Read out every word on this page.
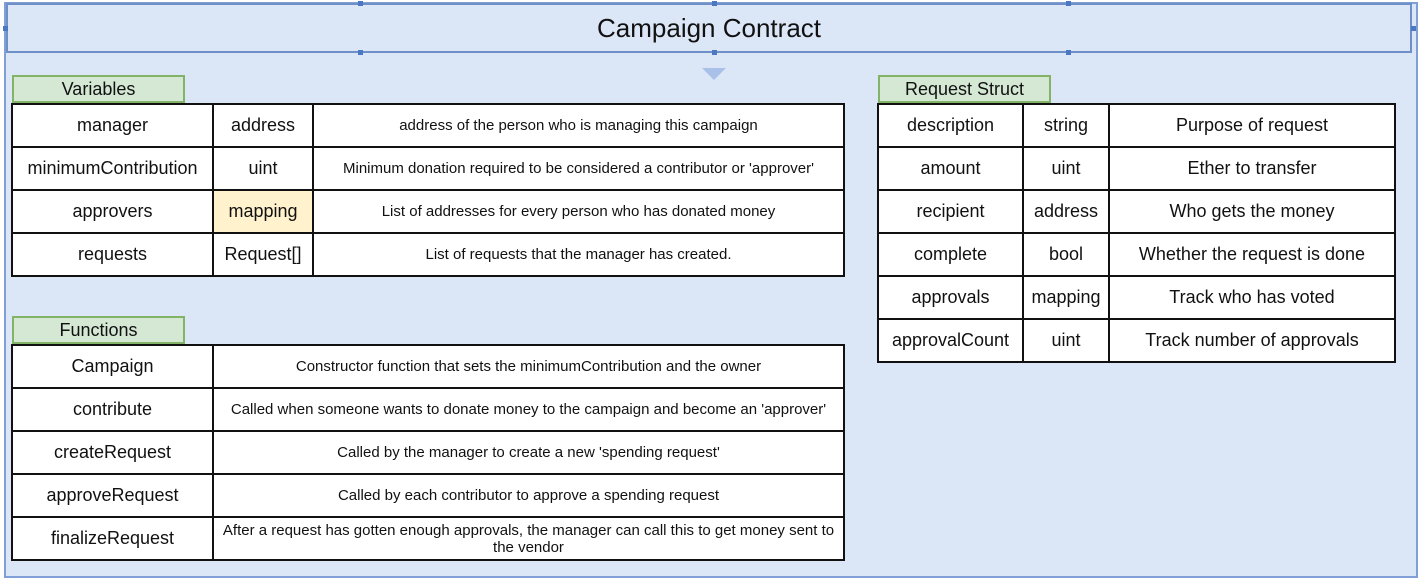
Campaign Contract
Variables
manager	address	address of the person who is managing this campaign
minimumContribution	uint	Minimum donation required to be considered a contributor or 'approver'
approvers	mapping	List of addresses for every person who has donated money
requests	Request[]	List of requests that the manager has created.
Functions
Campaign	Constructor function that sets the minimumContribution and the owner
contribute	Called when someone wants to donate money to the campaign and become an 'approver'
createRequest	Called by the manager to create a new 'spending request'
approveRequest	Called by each contributor to approve a spending request
finalizeRequest	After a request has gotten enough approvals, the manager can call this to get money sent to the vendor
Request Struct
description	string	Purpose of request
amount	uint	Ether to transfer
recipient	address	Who gets the money
complete	bool	Whether the request is done
approvals	mapping	Track who has voted
approvalCount	uint	Track number of approvals
